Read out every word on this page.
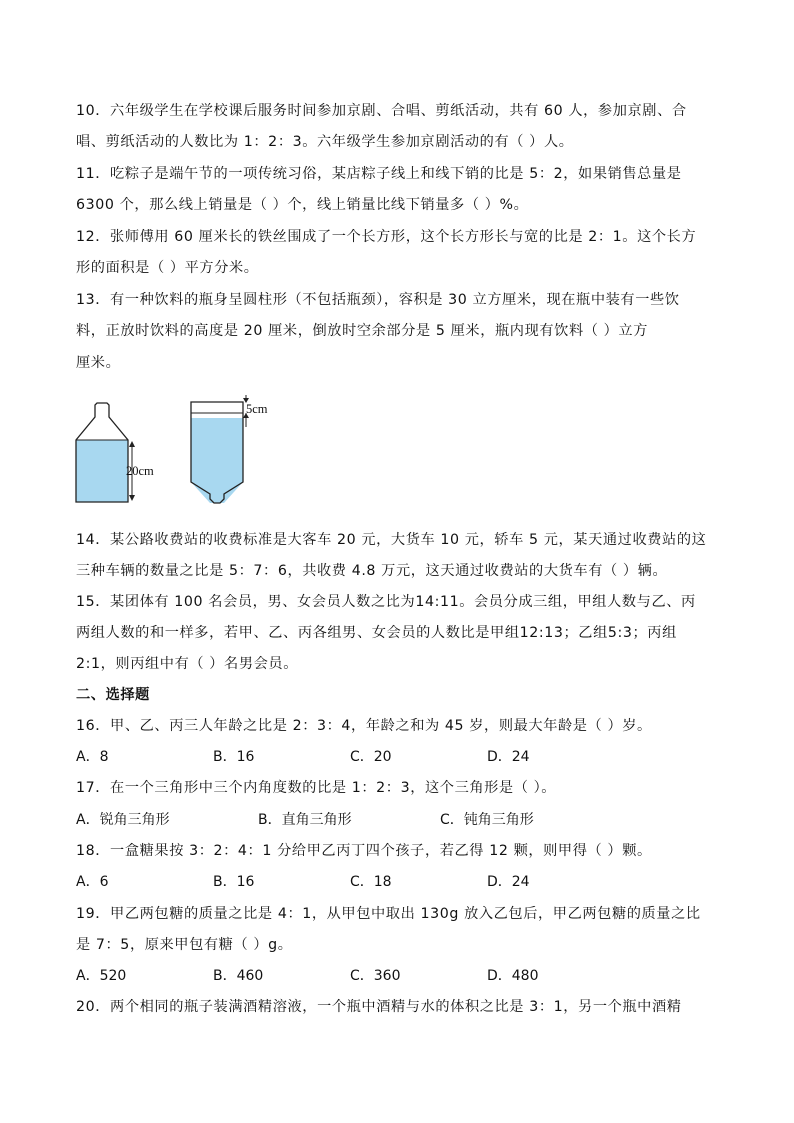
10．六年级学生在学校课后服务时间参加京剧、合唱、剪纸活动，共有 60 人，参加京剧、合
唱、剪纸活动的人数比为 1：2：3。六年级学生参加京剧活动的有（ ）人。
11．吃粽子是端午节的一项传统习俗，某店粽子线上和线下销的比是 5：2，如果销售总量是
6300 个，那么线上销量是（ ）个，线上销量比线下销量多（ ）%。
12．张师傅用 60 厘米长的铁丝围成了一个长方形，这个长方形长与宽的比是 2：1。这个长方
形的面积是（ ）平方分米。
13．有一种饮料的瓶身呈圆柱形（不包括瓶颈），容积是 30 立方厘米，现在瓶中装有一些饮
料，正放时饮料的高度是 20 厘米，倒放时空余部分是 5 厘米，瓶内现有饮料（ ）立方
厘米。
20cm
5cm
14．某公路收费站的收费标准是大客车 20 元，大货车 10 元，轿车 5 元，某天通过收费站的这
三种车辆的数量之比是 5：7：6，共收费 4.8 万元，这天通过收费站的大货车有（ ）辆。
15．某团体有 100 名会员，男、女会员人数之比为14:11。会员分成三组，甲组人数与乙、丙
两组人数的和一样多，若甲、乙、丙各组男、女会员的人数比是甲组12:13；乙组5:3；丙组
2:1，则丙组中有（ ）名男会员。
二、选择题
16．甲、乙、丙三人年龄之比是 2：3：4，年龄之和为 45 岁，则最大年龄是（ ）岁。
A．8	B．16	C．20	D．24
17．在一个三角形中三个内角度数的比是 1：2：3，这个三角形是（ ）。
A．锐角三角形	B．直角三角形	C．钝角三角形
18．一盒糖果按 3：2：4：1 分给甲乙丙丁四个孩子，若乙得 12 颗，则甲得（ ）颗。
A．6	B．16	C．18	D．24
19．甲乙两包糖的质量之比是 4：1，从甲包中取出 130g 放入乙包后，甲乙两包糖的质量之比
是 7：5，原来甲包有糖（ ）g。
A．520	B．460	C．360	D．480
20．两个相同的瓶子装满酒精溶液，一个瓶中酒精与水的体积之比是 3：1，另一个瓶中酒精
